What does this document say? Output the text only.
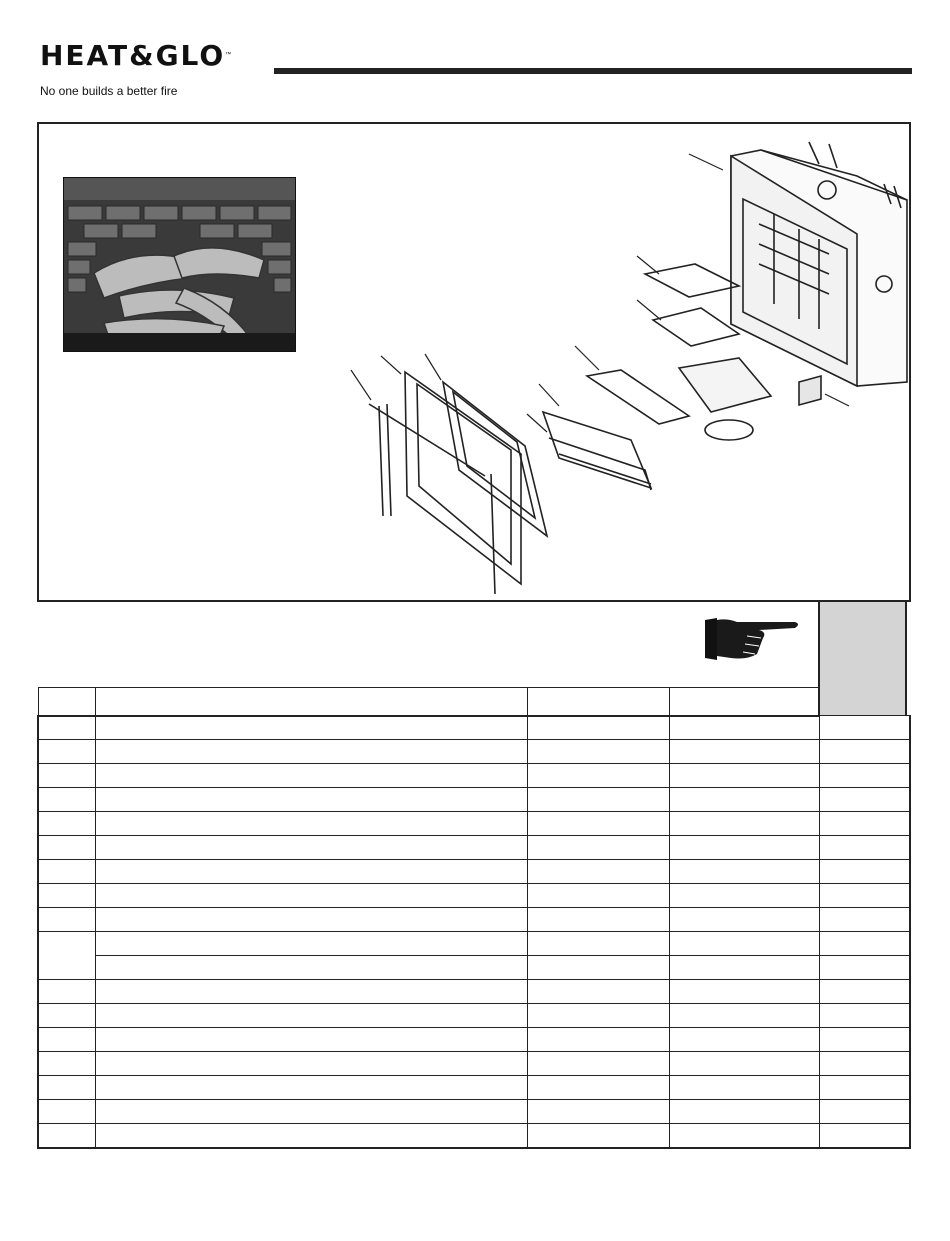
HEAT&GLO™
No one builds a better fire
